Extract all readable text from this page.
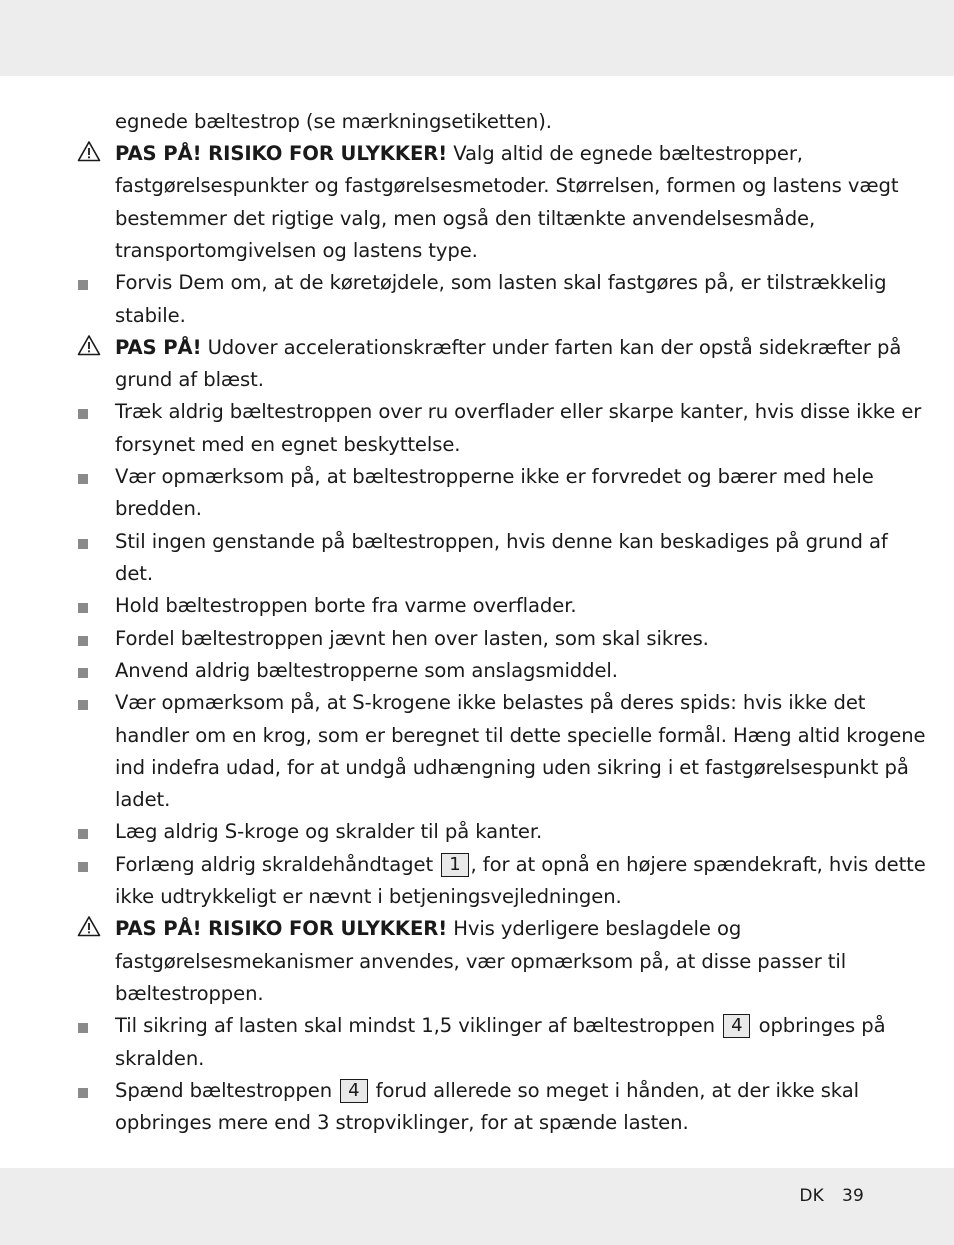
egnede bæltestrop (se mærkningsetiketten).
PAS PÅ! RISIKO FOR ULYKKER! Valg altid de egnede bæltestropper,
fastgørelsespunkter og fastgørelsesmetoder. Størrelsen, formen og lastens vægt
bestemmer det rigtige valg, men også den tiltænkte anvendelsesmåde,
transportomgivelsen og lastens type.
Forvis Dem om, at de køretøjdele, som lasten skal fastgøres på, er tilstrækkelig
stabile.
PAS PÅ! Udover accelerationskræfter under farten kan der opstå sidekræfter på
grund af blæst.
Træk aldrig bæltestroppen over ru overflader eller skarpe kanter, hvis disse ikke er
forsynet med en egnet beskyttelse.
Vær opmærksom på, at bæltestropperne ikke er forvredet og bærer med hele
bredden.
Stil ingen genstande på bæltestroppen, hvis denne kan beskadiges på grund af
det.
Hold bæltestroppen borte fra varme overflader.
Fordel bæltestroppen jævnt hen over lasten, som skal sikres.
Anvend aldrig bæltestropperne som anslagsmiddel.
Vær opmærksom på, at S-krogene ikke belastes på deres spids: hvis ikke det
handler om en krog, som er beregnet til dette specielle formål. Hæng altid krogene
ind indefra udad, for at undgå udhængning uden sikring i et fastgørelsespunkt på
ladet.
Læg aldrig S-kroge og skralder til på kanter.
Forlæng aldrig skraldehåndtaget 1 , for at opnå en højere spændekraft, hvis dette
ikke udtrykkeligt er nævnt i betjeningsvejledningen.
PAS PÅ! RISIKO FOR ULYKKER! Hvis yderligere beslagdele og
fastgørelsesmekanismer anvendes, vær opmærksom på, at disse passer til
bæltestroppen.
Til sikring af lasten skal mindst 1,5 viklinger af bæltestroppen 4 opbringes på
skralden.
Spænd bæltestroppen 4 forud allerede so meget i hånden, at der ikke skal
opbringes mere end 3 stropviklinger, for at spænde lasten.
DK 39
